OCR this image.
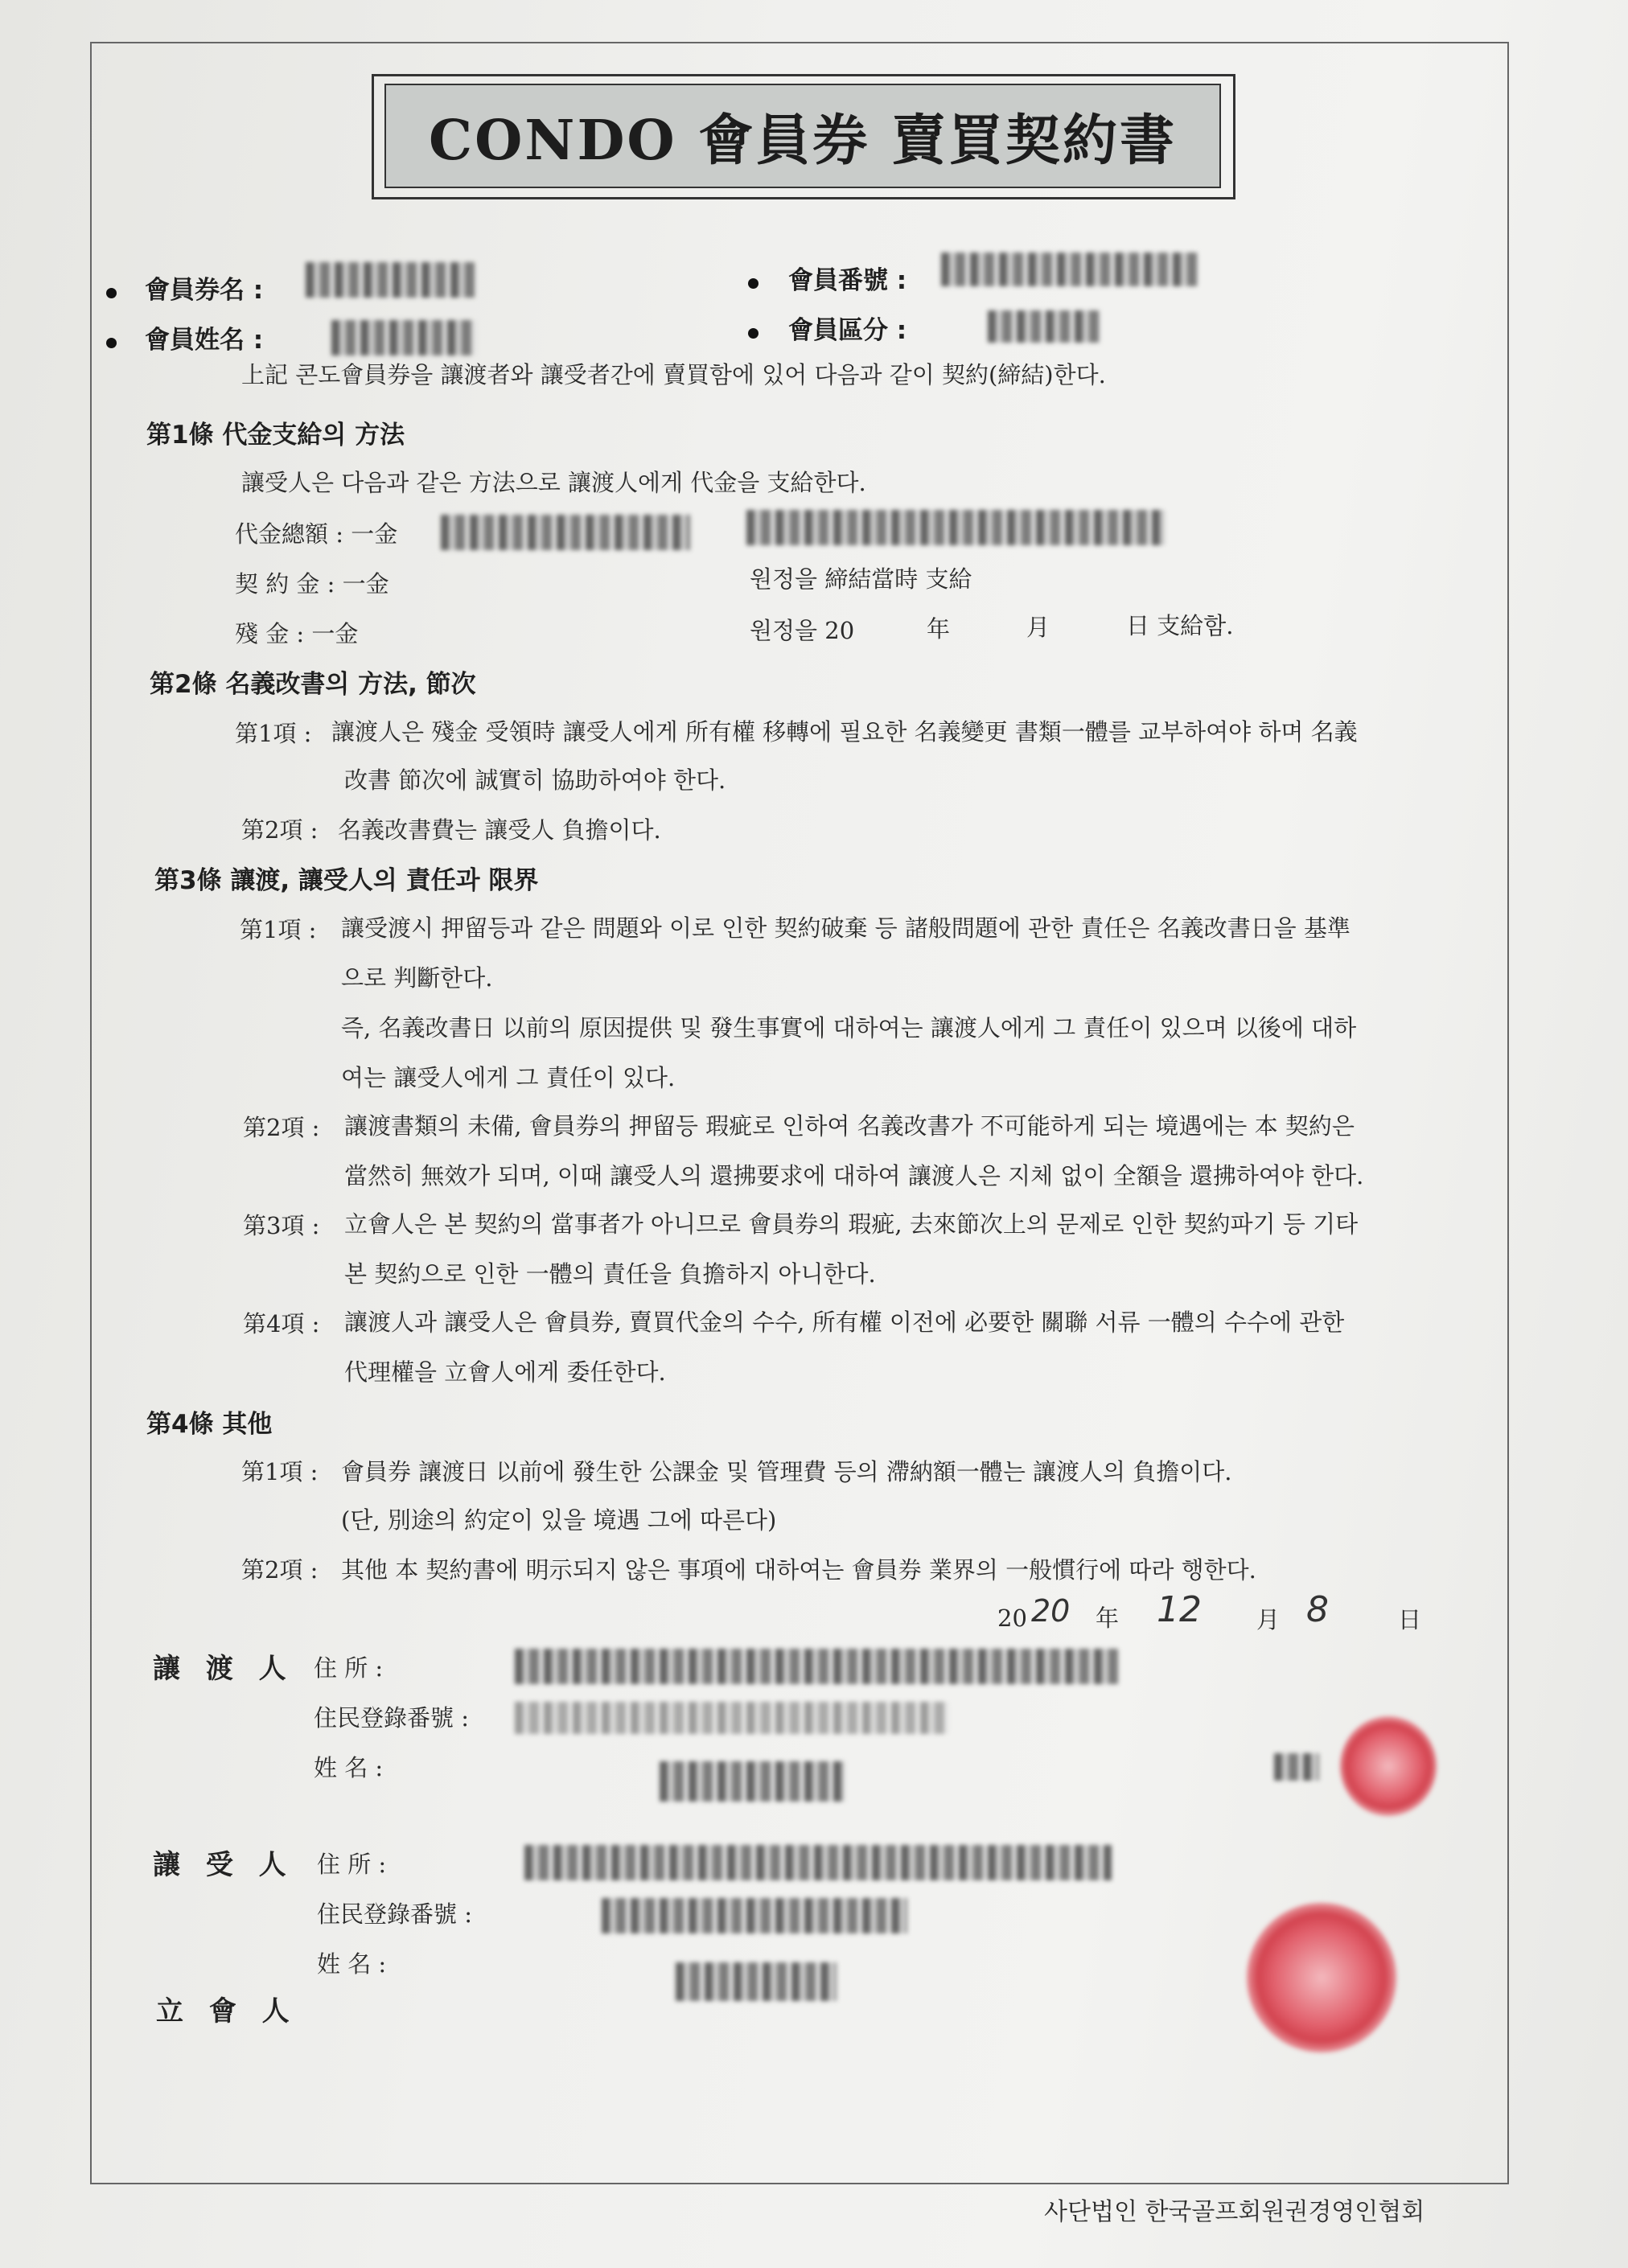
CONDO 會員券 賣買契約書
會員券名 :
會員姓名 :
會員番號 :
會員區分 :
上記 콘도會員券을 讓渡者와 讓受者간에 賣買함에 있어 다음과 같이 契約(締結)한다.
第1條 代金支給의 方法
讓受人은 다음과 같은 方法으로 讓渡人에게 代金을 支給한다.
代金總額 : 一金
契 約 金 : 一金	원정을 締結當時 支給
殘 金 : 一金	원정을 20	年	月	日 支給함.
第2條 名義改書의 方法, 節次
第1項 : 讓渡人은 殘金 受領時 讓受人에게 所有權 移轉에 필요한 名義變更 書類一體를 교부하여야 하며 名義
改書 節次에 誠實히 協助하여야 한다.
第2項 : 名義改書費는 讓受人 負擔이다.
第3條 讓渡, 讓受人의 責任과 限界
第1項 : 讓受渡시 押留등과 같은 問題와 이로 인한 契約破棄 등 諸般問題에 관한 責任은 名義改書日을 基準
으로 判斷한다.
즉, 名義改書日 以前의 原因提供 및 發生事實에 대하여는 讓渡人에게 그 責任이 있으며 以後에 대하
여는 讓受人에게 그 責任이 있다.
第2項 : 讓渡書類의 未備, 會員券의 押留등 瑕疵로 인하여 名義改書가 不可能하게 되는 境遇에는 本 契約은
當然히 無效가 되며, 이때 讓受人의 還拂要求에 대하여 讓渡人은 지체 없이 全額을 還拂하여야 한다.
第3項 : 立會人은 본 契約의 當事者가 아니므로 會員券의 瑕疵, 去來節次上의 문제로 인한 契約파기 등 기타
본 契約으로 인한 一體의 責任을 負擔하지 아니한다.
第4項 : 讓渡人과 讓受人은 會員券, 賣買代金의 수수, 所有權 이전에 必要한 關聯 서류 一體의 수수에 관한
代理權을 立會人에게 委任한다.
第4條 其他
第1項 : 會員券 讓渡日 以前에 發生한 公課金 및 管理費 등의 滯納額一體는 讓渡人의 負擔이다.
(단, 別途의 約定이 있을 境遇 그에 따른다)
第2項 : 其他 本 契約書에 明示되지 않은 事項에 대하여는 會員券 業界의 一般慣行에 따라 행한다.
20 20 年 12 月 8	日
讓 渡 人 住 所 :
住民登錄番號 :
姓 名 :
讓 受 人 住 所 :
住民登錄番號 :
姓 名 :
立 會 人
사단법인 한국골프회원권경영인협회
